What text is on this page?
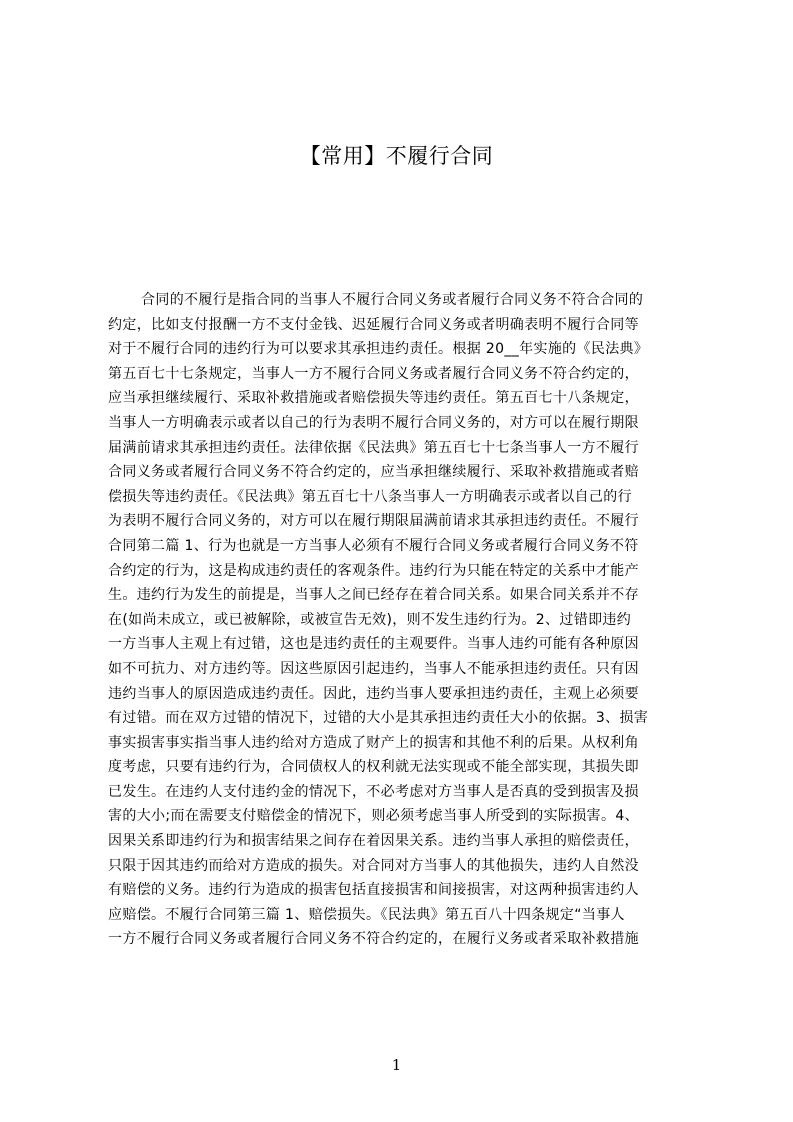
【常用】不履行合同
合同的不履行是指合同的当事人不履行合同义务或者履行合同义务不符合合同的
约定，比如支付报酬一方不支付金钱、迟延履行合同义务或者明确表明不履行合同等
对于不履行合同的违约行为可以要求其承担违约责任。根据 20__年实施的《民法典》
第五百七十七条规定，当事人一方不履行合同义务或者履行合同义务不符合约定的，
应当承担继续履行、采取补救措施或者赔偿损失等违约责任。第五百七十八条规定，
当事人一方明确表示或者以自己的行为表明不履行合同义务的，对方可以在履行期限
届满前请求其承担违约责任。法律依据《民法典》第五百七十七条当事人一方不履行
合同义务或者履行合同义务不符合约定的，应当承担继续履行、采取补救措施或者赔
偿损失等违约责任。《民法典》第五百七十八条当事人一方明确表示或者以自己的行
为表明不履行合同义务的，对方可以在履行期限届满前请求其承担违约责任。不履行
合同第二篇 1、行为也就是一方当事人必须有不履行合同义务或者履行合同义务不符
合约定的行为，这是构成违约责任的客观条件。违约行为只能在特定的关系中才能产
生。违约行为发生的前提是，当事人之间已经存在着合同关系。如果合同关系并不存
在(如尚未成立，或已被解除，或被宣告无效)，则不发生违约行为。2、过错即违约
一方当事人主观上有过错，这也是违约责任的主观要件。当事人违约可能有各种原因
如不可抗力、对方违约等。因这些原因引起违约，当事人不能承担违约责任。只有因
违约当事人的原因造成违约责任。因此，违约当事人要承担违约责任，主观上必须要
有过错。而在双方过错的情况下，过错的大小是其承担违约责任大小的依据。3、损害
事实损害事实指当事人违约给对方造成了财产上的损害和其他不利的后果。从权利角
度考虑，只要有违约行为，合同债权人的权利就无法实现或不能全部实现，其损失即
已发生。在违约人支付违约金的情况下，不必考虑对方当事人是否真的受到损害及损
害的大小;而在需要支付赔偿金的情况下，则必须考虑当事人所受到的实际损害。4、
因果关系即违约行为和损害结果之间存在着因果关系。违约当事人承担的赔偿责任，
只限于因其违约而给对方造成的损失。对合同对方当事人的其他损失，违约人自然没
有赔偿的义务。违约行为造成的损害包括直接损害和间接损害，对这两种损害违约人
应赔偿。不履行合同第三篇 1、赔偿损失。《民法典》第五百八十四条规定“当事人
一方不履行合同义务或者履行合同义务不符合约定的，在履行义务或者采取补救措施
1
